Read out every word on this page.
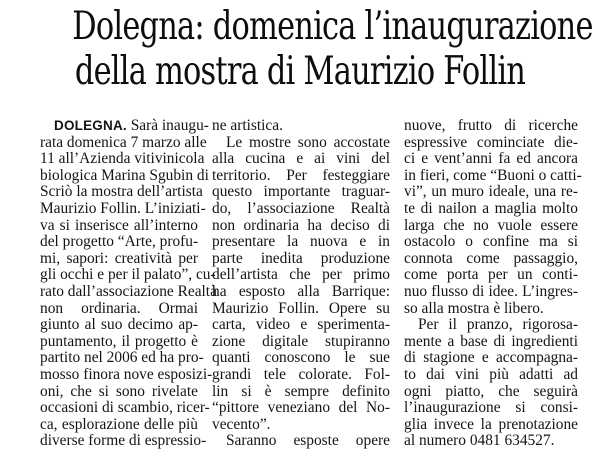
Dolegna: domenica l’inaugurazione
della mostra di Maurizio Follin
DOLEGNA. Sarà inaugu-
rata domenica 7 marzo alle
11 all’Azienda vitivinicola
biologica Marina Sgubin di
Scriò la mostra dell’artista
Maurizio Follin. L’iniziati-
va si inserisce all’interno
del progetto “Arte, profu-
mi, sapori: creatività per
gli occhi e per il palato”, cu-
rato dall’associazione Realtà
non ordinaria. Ormai
giunto al suo decimo ap-
puntamento, il progetto è
partito nel 2006 ed ha pro-
mosso finora nove esposizi-
oni, che si sono rivelate
occasioni di scambio, ricer-
ca, esplorazione delle più
diverse forme di espressio-
ne artistica.
Le mostre sono accostate
alla cucina e ai vini del
territorio. Per festeggiare
questo importante traguar-
do, l’associazione Realtà
non ordinaria ha deciso di
presentare la nuova e in
parte inedita produzione
dell’artista che per primo
ha esposto alla Barrique:
Maurizio Follin. Opere su
carta, video e sperimenta-
zione digitale stupiranno
quanti conoscono le sue
grandi tele colorate. Fol-
lin si è sempre definito
“pittore veneziano del No-
vecento”.
Saranno esposte opere
nuove, frutto di ricerche
espressive cominciate die-
ci e vent’anni fa ed ancora
in fieri, come “Buoni o catti-
vi”, un muro ideale, una re-
te di nailon a maglia molto
larga che no vuole essere
ostacolo o confine ma si
connota come passaggio,
come porta per un conti-
nuo flusso di idee. L’ingres-
so alla mostra è libero.
Per il pranzo, rigorosa-
mente a base di ingredienti
di stagione e accompagna-
to dai vini più adatti ad
ogni piatto, che seguirà
l’inaugurazione si consi-
glia invece la prenotazione
al numero 0481 634527.
